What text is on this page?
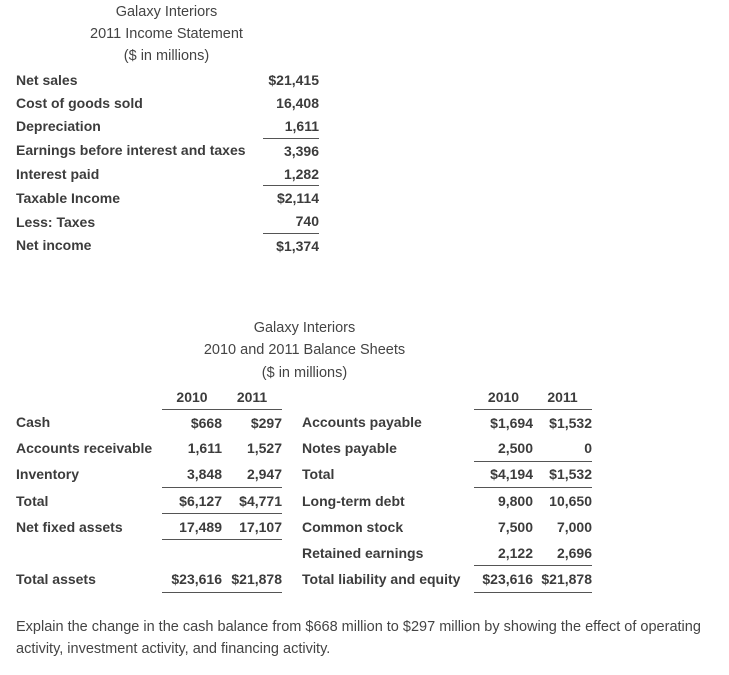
Galaxy Interiors
2011 Income Statement
($ in millions)
Net sales	$21,415
Cost of goods sold	16,408
Depreciation	1,611
Earnings before interest and taxes	3,396
Interest paid	1,282
Taxable Income	$2,114
Less: Taxes	740
Net income	$1,374
Galaxy Interiors
2010 and 2011 Balance Sheets
($ in millions)
	2010	2011			2010	2011
Cash	$668	$297		Accounts payable	$1,694	$1,532
Accounts receivable	1,611	1,527		Notes payable	2,500	0
Inventory	3,848	2,947		Total	$4,194	$1,532
Total	$6,127	$4,771		Long-term debt	9,800	10,650
Net fixed assets	17,489	17,107		Common stock	7,500	7,000
				Retained earnings	2,122	2,696
Total assets	$23,616	$21,878		Total liability and equity	$23,616	$21,878
Explain the change in the cash balance from $668 million to $297 million by showing the effect of operating activity, investment activity, and financing activity.
